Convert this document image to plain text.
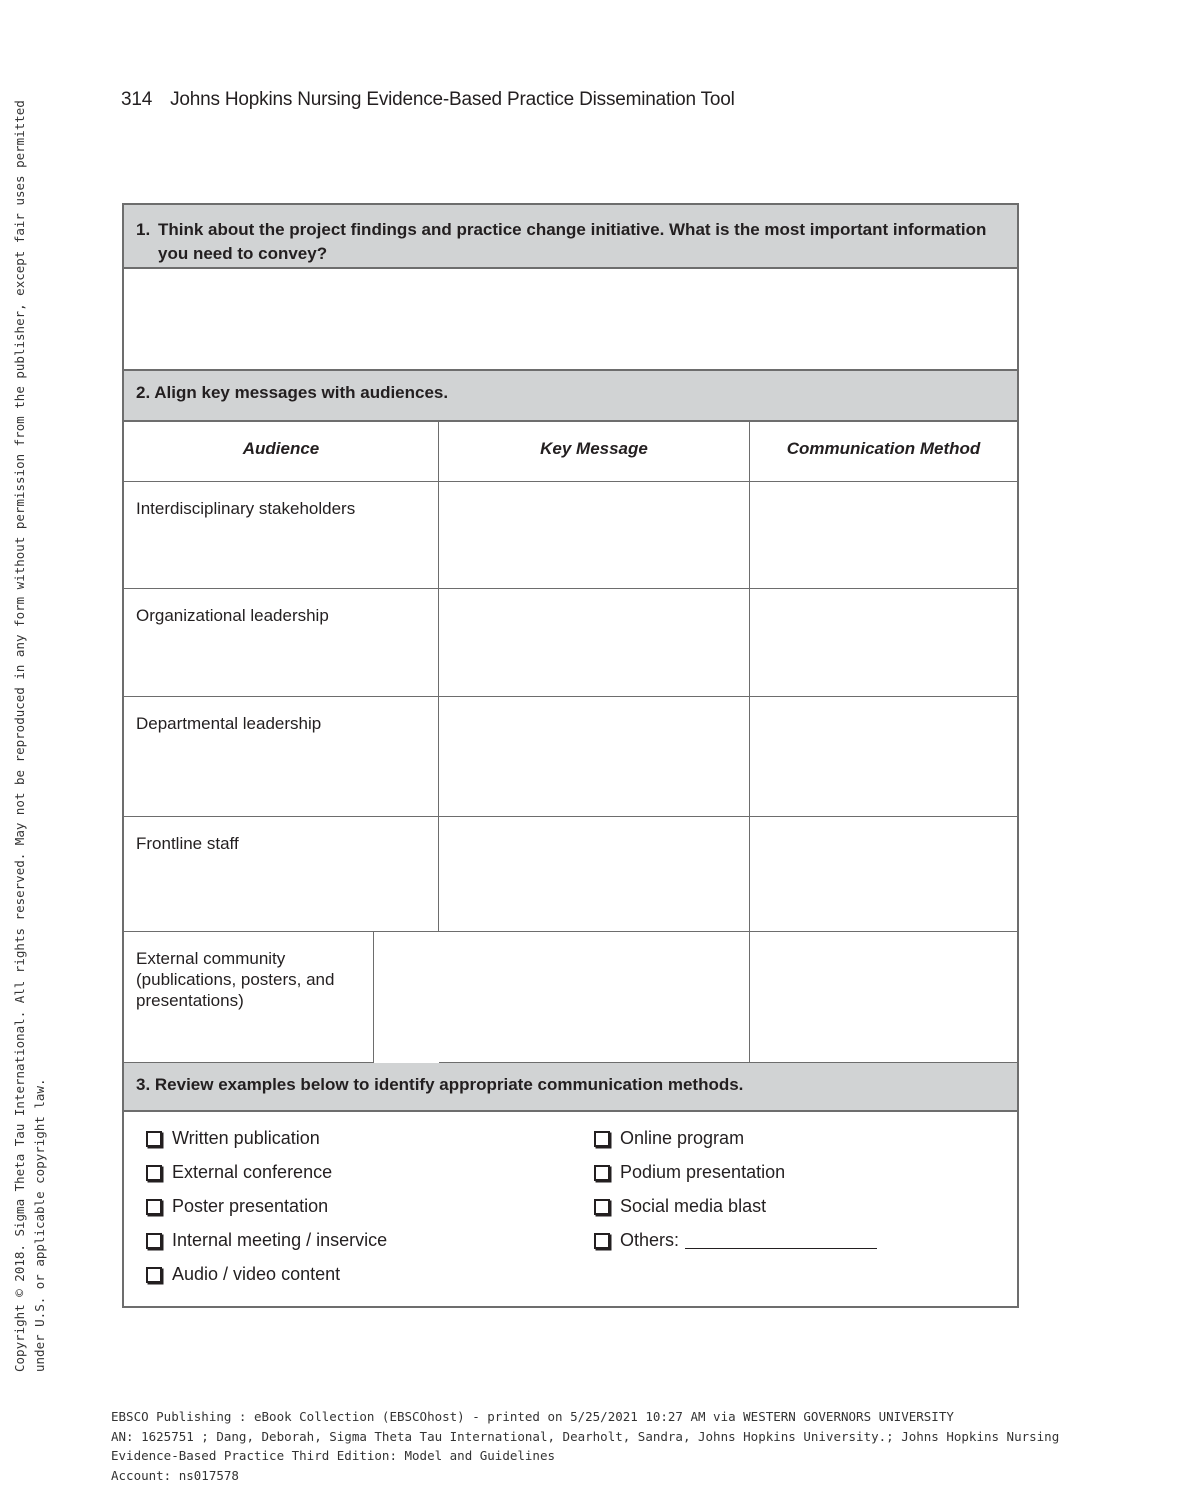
Copyright © 2018. Sigma Theta Tau International. All rights reserved. May not be reproduced in any form without permission from the publisher, except fair uses permitted under U.S. or applicable copyright law.
314 Johns Hopkins Nursing Evidence-Based Practice Dissemination Tool
1. Think about the project findings and practice change initiative. What is the most important information you need to convey?
2. Align key messages with audiences.
Audience	Key Message	Communication Method
Interdisciplinary stakeholders
Organizational leadership
Departmental leadership
Frontline staff
External community (publications, posters, and presentations)
3. Review examples below to identify appropriate communication methods.
Written publication
External conference
Poster presentation
Internal meeting / inservice
Audio / video content
Online program
Podium presentation
Social media blast
Others:
EBSCO Publishing : eBook Collection (EBSCOhost) - printed on 5/25/2021 10:27 AM via WESTERN GOVERNORS UNIVERSITY
AN: 1625751 ; Dang, Deborah, Sigma Theta Tau International, Dearholt, Sandra, Johns Hopkins University.; Johns Hopkins Nursing
Evidence-Based Practice Third Edition: Model and Guidelines
Account: ns017578
